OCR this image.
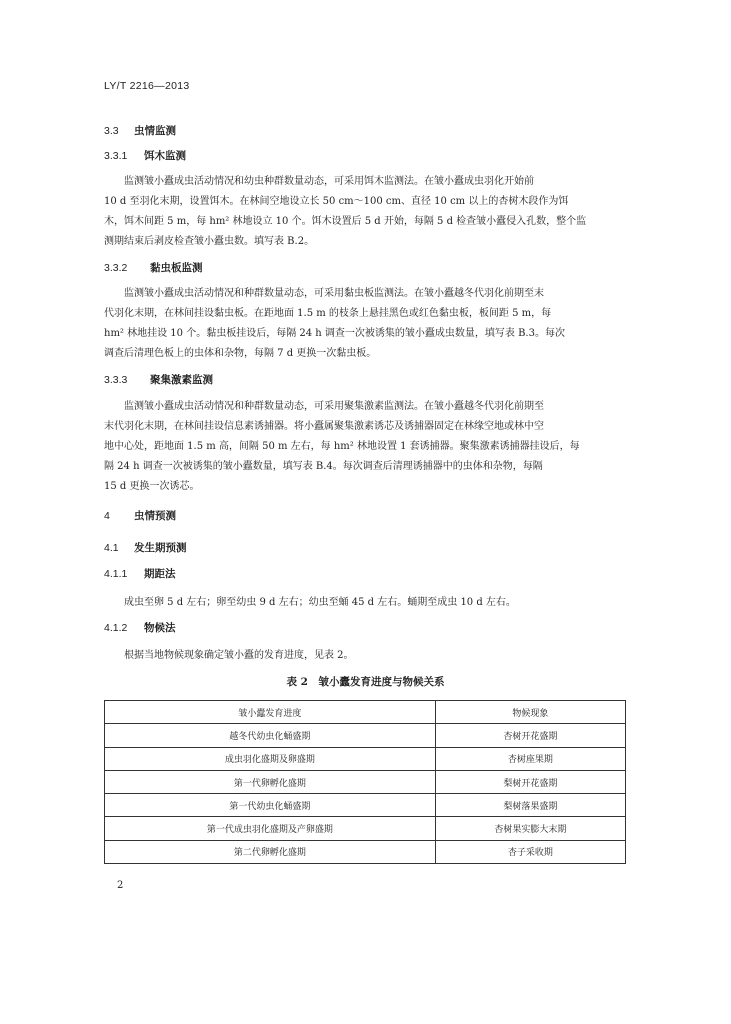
LY/T 2216—2013
3.3 虫情监测
3.3.1 饵木监测
监测皱小蠹成虫活动情况和幼虫种群数量动态，可采用饵木监测法。在皱小蠹成虫羽化开始前
10 d 至羽化末期，设置饵木。在林间空地设立长 50 cm～100 cm、直径 10 cm 以上的杏树木段作为饵
木，饵木间距 5 m，每 hm² 林地设立 10 个。饵木设置后 5 d 开始，每隔 5 d 检查皱小蠹侵入孔数，整个监
测期结束后剥皮检查皱小蠹虫数。填写表 B.2。
3.3.2 黏虫板监测
监测皱小蠹成虫活动情况和种群数量动态，可采用黏虫板监测法。在皱小蠹越冬代羽化前期至末
代羽化末期，在林间挂设黏虫板。在距地面 1.5 m 的枝条上悬挂黑色或红色黏虫板，板间距 5 m，每
hm² 林地挂设 10 个。黏虫板挂设后，每隔 24 h 调查一次被诱集的皱小蠹成虫数量，填写表 B.3。每次
调查后清理色板上的虫体和杂物，每隔 7 d 更换一次黏虫板。
3.3.3 聚集激素监测
监测皱小蠹成虫活动情况和种群数量动态，可采用聚集激素监测法。在皱小蠹越冬代羽化前期至
末代羽化末期，在林间挂设信息素诱捕器。将小蠹属聚集激素诱芯及诱捕器固定在林缘空地或林中空
地中心处，距地面 1.5 m 高，间隔 50 m 左右，每 hm² 林地设置 1 套诱捕器。聚集激素诱捕器挂设后，每
隔 24 h 调查一次被诱集的皱小蠹数量，填写表 B.4。每次调查后清理诱捕器中的虫体和杂物，每隔
15 d 更换一次诱芯。
4 虫情预测
4.1 发生期预测
4.1.1 期距法
成虫至卵 5 d 左右；卵至幼虫 9 d 左右；幼虫至蛹 45 d 左右。蛹期至成虫 10 d 左右。
4.1.2 物候法
根据当地物候现象确定皱小蠹的发育进度，见表 2。
表 2　皱小蠹发育进度与物候关系
皱小蠹发育进度	物候现象
越冬代幼虫化蛹盛期	杏树开花盛期
成虫羽化盛期及卵盛期	杏树座果期
第一代卵孵化盛期	梨树开花盛期
第一代幼虫化蛹盛期	梨树落果盛期
第一代成虫羽化盛期及产卵盛期	杏树果实膨大末期
第二代卵孵化盛期	杏子采收期
2
